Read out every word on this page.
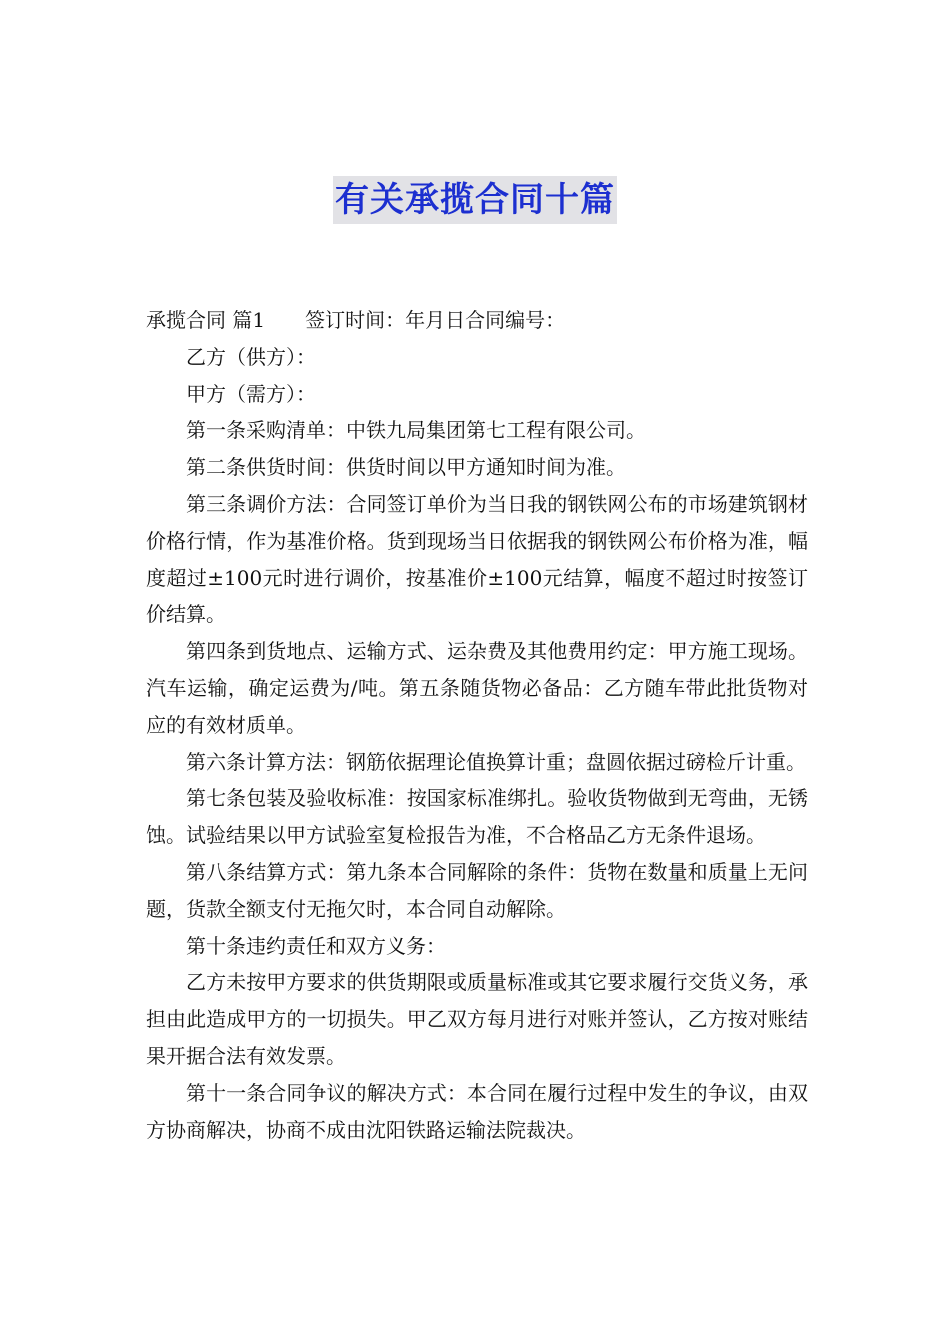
有关承揽合同十篇

承揽合同 篇1 签订时间：年月日合同编号：

乙方（供方）：

甲方（需方）：

第一条采购清单：中铁九局集团第七工程有限公司。

第二条供货时间：供货时间以甲方通知时间为准。

第三条调价方法：合同签订单价为当日我的钢铁网公布的市场建筑钢材价格行情，作为基准价格。货到现场当日依据我的钢铁网公布价格为准，幅度超过±100元时进行调价，按基准价±100元结算，幅度不超过时按签订价结算。

第四条到货地点、运输方式、运杂费及其他费用约定：甲方施工现场。汽车运输，确定运费为/吨。第五条随货物必备品：乙方随车带此批货物对应的有效材质单。

第六条计算方法：钢筋依据理论值换算计重；盘圆依据过磅检斤计重。

第七条包装及验收标准：按国家标准绑扎。验收货物做到无弯曲，无锈蚀。试验结果以甲方试验室复检报告为准，不合格品乙方无条件退场。

第八条结算方式：第九条本合同解除的条件：货物在数量和质量上无问题，货款全额支付无拖欠时，本合同自动解除。

第十条违约责任和双方义务：

乙方未按甲方要求的供货期限或质量标准或其它要求履行交货义务，承担由此造成甲方的一切损失。甲乙双方每月进行对账并签认，乙方按对账结果开据合法有效发票。

第十一条合同争议的解决方式：本合同在履行过程中发生的争议，由双方协商解决，协商不成由沈阳铁路运输法院裁决。
